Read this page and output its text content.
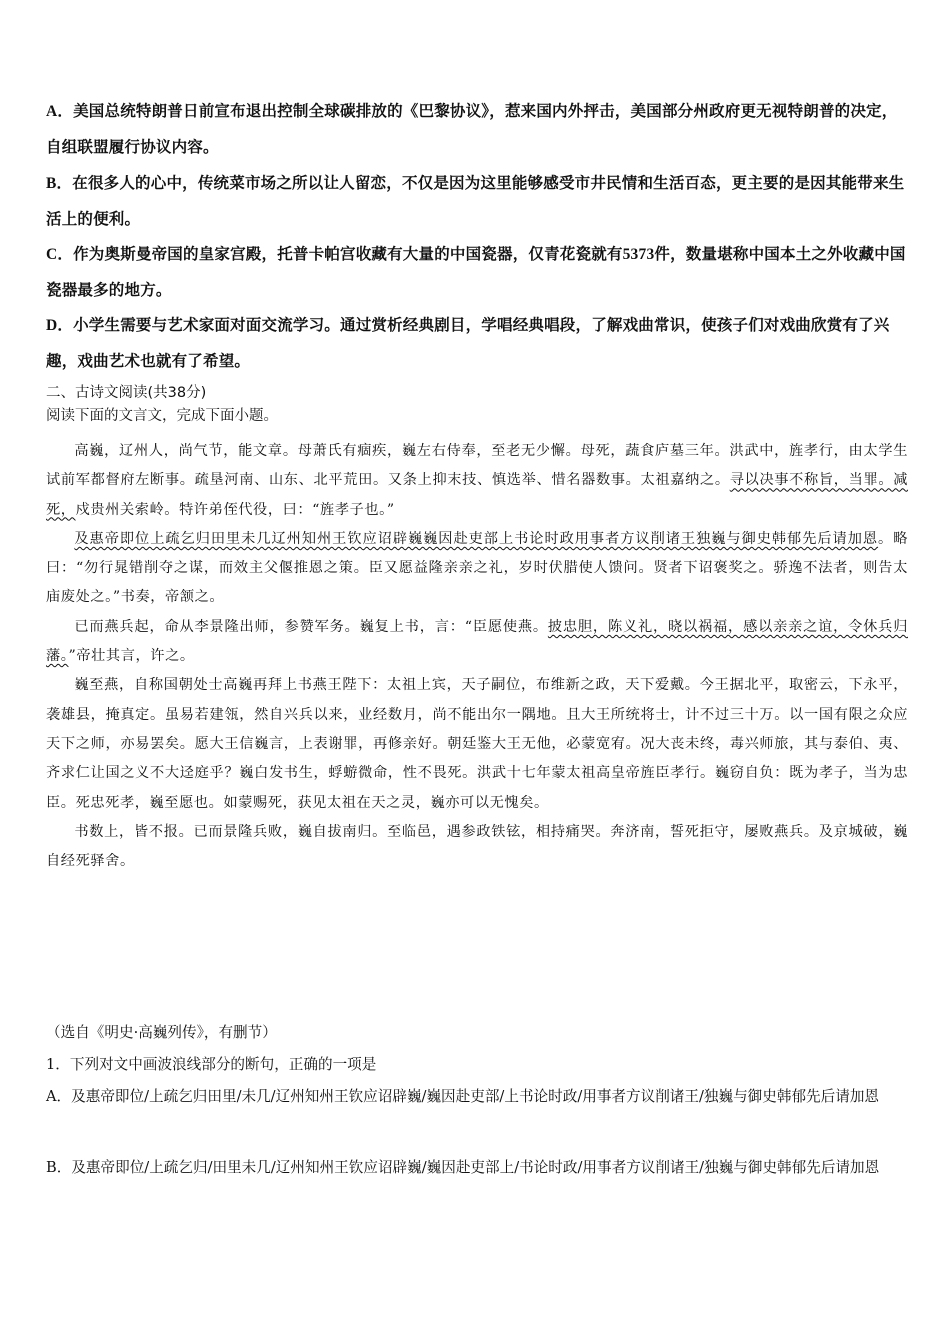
A．美国总统特朗普日前宣布退出控制全球碳排放的《巴黎协议》，惹来国内外抨击，美国部分州政府更无视特朗普的决定，自组联盟履行协议内容。
B．在很多人的心中，传统菜市场之所以让人留恋，不仅是因为这里能够感受市井民情和生活百态，更主要的是因其能带来生活上的便利。
C．作为奥斯曼帝国的皇家宫殿，托普卡帕宫收藏有大量的中国瓷器，仅青花瓷就有5373件，数量堪称中国本土之外收藏中国瓷器最多的地方。
D．小学生需要与艺术家面对面交流学习。通过赏析经典剧目，学唱经典唱段，了解戏曲常识，使孩子们对戏曲欣赏有了兴趣，戏曲艺术也就有了希望。
二、古诗文阅读(共38分)
阅读下面的文言文，完成下面小题。

高巍，辽州人，尚气节，能文章。母萧氏有痼疾，巍左右侍奉，至老无少懈。母死，蔬食庐墓三年。洪武中，旌孝行，由太学生试前军都督府左断事。疏垦河南、山东、北平荒田。又条上抑末技、慎选举、惜名器数事。太祖嘉纳之。寻以决事不称旨，当罪。减死，戍贵州关索岭。特许弟侄代役，曰：“旌孝子也。”

及惠帝即位上疏乞归田里未几辽州知州王钦应诏辟巍巍因赴吏部上书论时政用事者方议削诸王独巍与御史韩郁先后请加恩。略曰：“勿行晁错削夺之谋，而效主父偃推恩之策。臣又愿益隆亲亲之礼，岁时伏腊使人馈问。贤者下诏褒奖之。骄逸不法者，则告太庙废处之。”书奏，帝颔之。

已而燕兵起，命从李景隆出师，参赞军务。巍复上书，言：“臣愿使燕。披忠胆，陈义礼，晓以祸福，感以亲亲之谊，令休兵归藩。”帝壮其言，许之。

巍至燕，自称国朝处士高巍再拜上书燕王陛下：太祖上宾，天子嗣位，布维新之政，天下爱戴。今王据北平，取密云，下永平，袭雄县，掩真定。虽易若建瓴，然自兴兵以来，业经数月，尚不能出尔一隅地。且大王所统将士，计不过三十万。以一国有限之众应天下之师，亦易罢矣。愿大王信巍言，上表谢罪，再修亲好。朝廷鉴大王无他，必蒙宽宥。况大丧未终，毒兴师旅，其与泰伯、夷、齐求仁让国之义不大迳庭乎？巍白发书生，蜉蝣微命，性不畏死。洪武十七年蒙太祖高皇帝旌臣孝行。巍窃自负：既为孝子，当为忠臣。死忠死孝，巍至愿也。如蒙赐死，获见太祖在天之灵，巍亦可以无愧矣。

书数上，皆不报。已而景隆兵败，巍自拔南归。至临邑，遇参政铁铉，相持痛哭。奔济南，誓死拒守，屡败燕兵。及京城破，巍自经死驿舍。

（选自《明史·高巍列传》，有删节）
1．下列对文中画波浪线部分的断句，正确的一项是
A．及惠帝即位/上疏乞归田里/未几/辽州知州王钦应诏辟巍/巍因赴吏部/上书论时政/用事者方议削诸王/独巍与御史韩郁先后请加恩
B．及惠帝即位/上疏乞归/田里未几/辽州知州王钦应诏辟巍/巍因赴吏部上/书论时政/用事者方议削诸王/独巍与御史韩郁先后请加恩
